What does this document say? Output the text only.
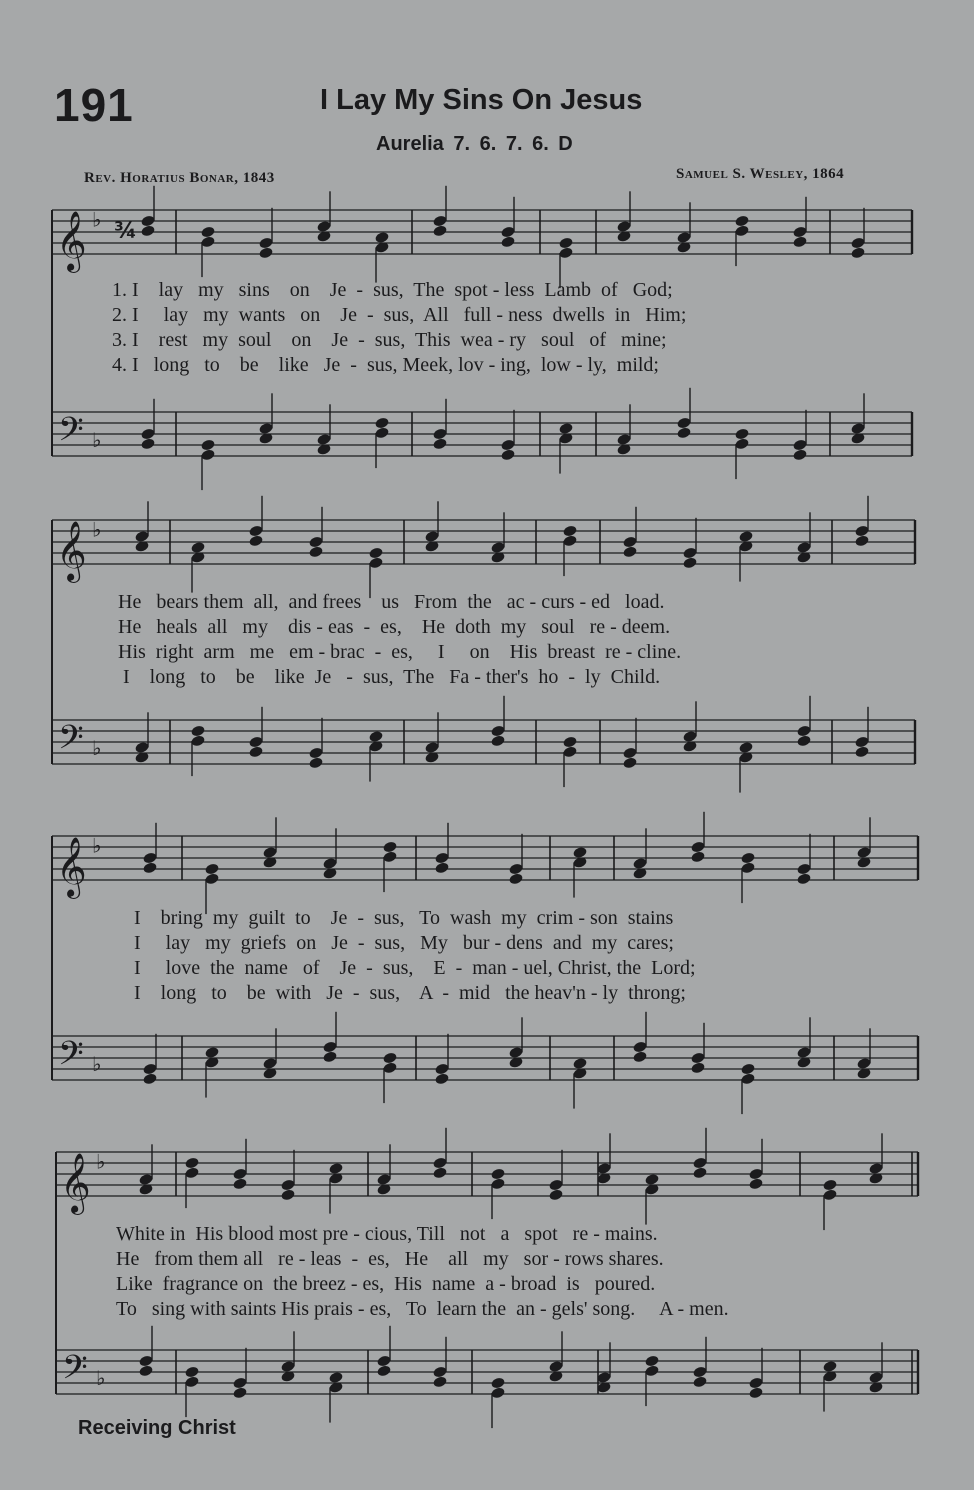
191	I Lay My Sins On Jesus
Aurelia 7. 6. 7. 6. D
Rev. Horatius Bonar, 1843	Samuel S. Wesley, 1864
𝄞
𝄢
♭
♭
¾
𝄞
𝄢
♭
♭
𝄞
𝄢
♭
♭
𝄞
𝄢
♭
♭
1. I    lay   my   sins    on    Je  -  sus,  The  spot - less  Lamb  of   God;
2. I     lay   my  wants   on    Je  -  sus,  All   full - ness  dwells  in   Him;
3. I    rest   my  soul    on    Je  -  sus,  This  wea - ry   soul   of   mine;
4. I   long   to    be    like   Je  -  sus, Meek, lov - ing,  low - ly,  mild;
He   bears them  all,  and frees    us   From  the   ac - curs - ed   load.
He   heals  all   my    dis - eas  -  es,    He  doth  my   soul   re - deem.
His  right  arm   me   em - brac  -  es,     I     on    His  breast  re - cline.
I    long   to    be    like  Je   -  sus,  The   Fa - ther's  ho  -  ly  Child.
I    bring  my  guilt  to    Je  -  sus,   To  wash  my  crim - son  stains
I     lay   my  griefs  on   Je  -  sus,   My   bur - dens  and  my  cares;
I     love  the  name   of    Je  -  sus,    E  -  man - uel, Christ, the  Lord;
I    long   to    be  with   Je  -  sus,    A  -  mid   the heav'n - ly  throng;
White in  His blood most pre - cious, Till   not   a   spot   re - mains.
He   from them all   re - leas  -  es,   He    all   my   sor - rows shares.
Like  fragrance on  the breez - es,  His  name  a - broad  is   poured.
To   sing with saints His prais - es,   To  learn the  an - gels' song.     A - men.
Receiving Christ
